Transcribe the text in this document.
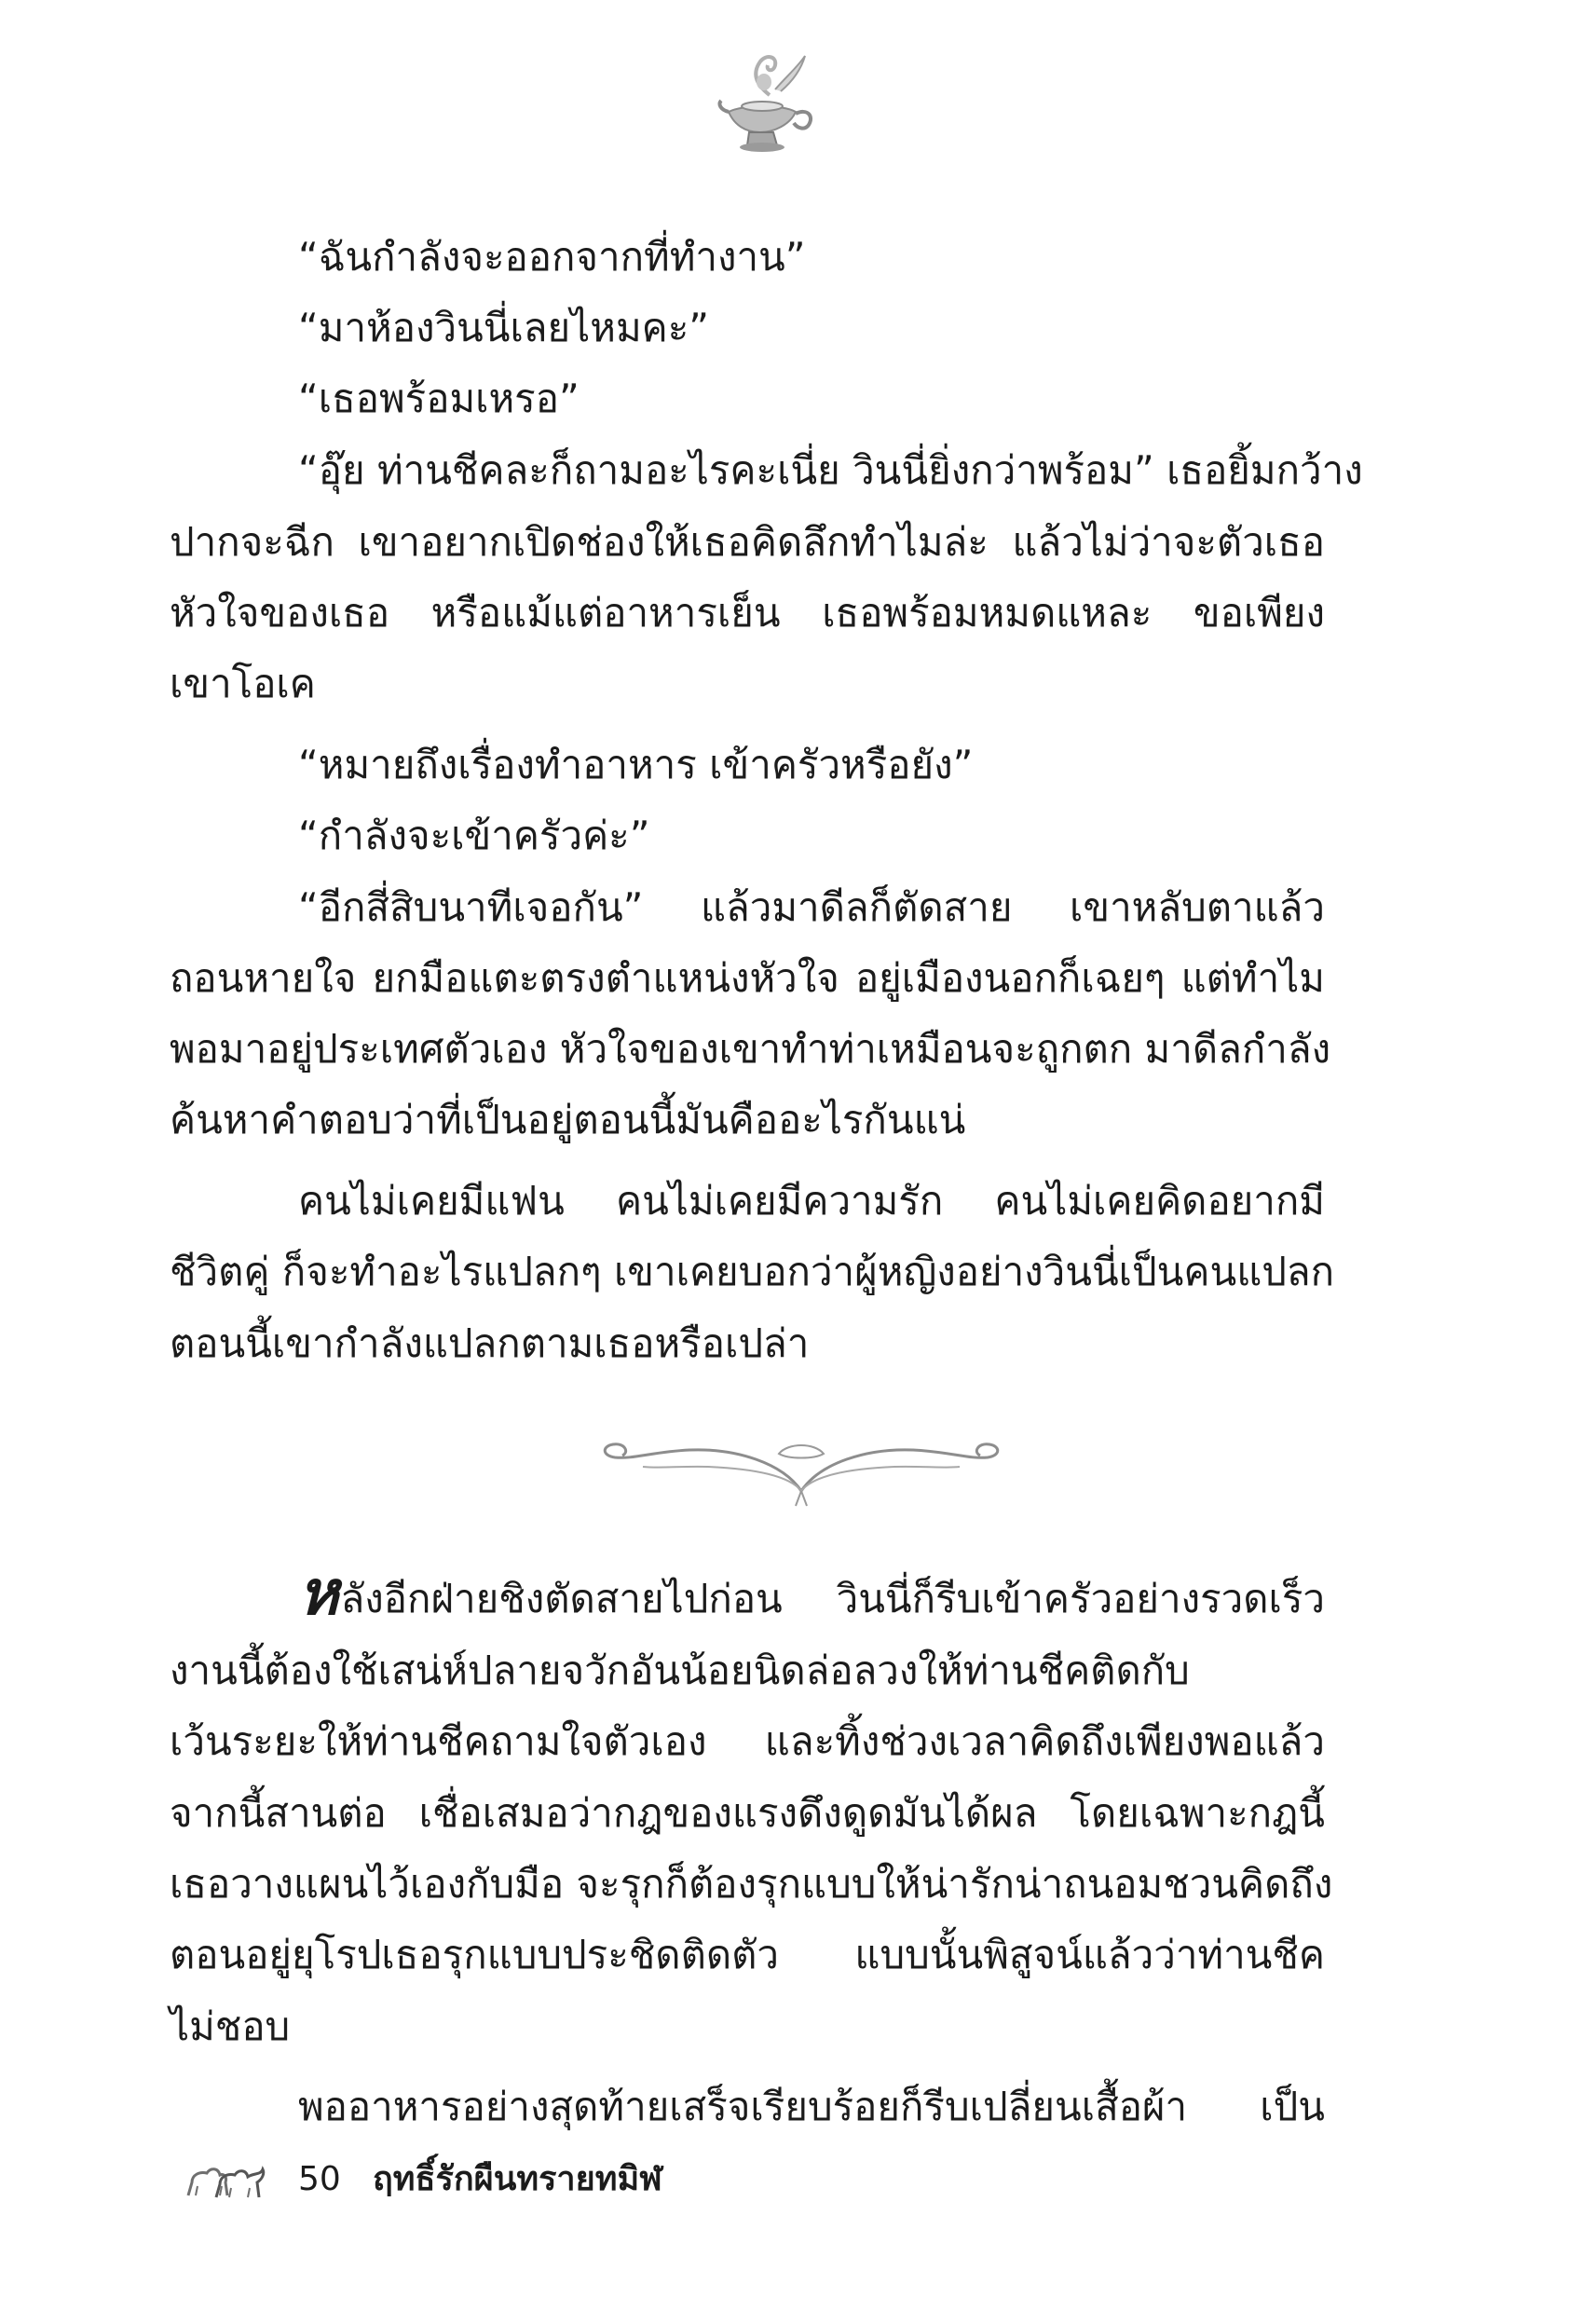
“ฉันกำลังจะออกจากที่ทำงาน”
“มาห้องวินนี่เลยไหมคะ”
“เธอพร้อมเหรอ”
“อุ๊ย ท่านชีคละก็ถามอะไรคะเนี่ย วินนี่ยิ่งกว่าพร้อม” เธอยิ้มกว้าง
ปากจะฉีก เขาอยากเปิดช่องให้เธอคิดลึกทำไมล่ะ แล้วไม่ว่าจะตัวเธอ
หัวใจของเธอ หรือแม้แต่อาหารเย็น เธอพร้อมหมดแหละ ขอเพียง
เขาโอเค
“หมายถึงเรื่องทำอาหาร เข้าครัวหรือยัง”
“กำลังจะเข้าครัวค่ะ”
“อีกสี่สิบนาทีเจอกัน” แล้วมาดีลก็ตัดสาย เขาหลับตาแล้ว
ถอนหายใจ ยกมือแตะตรงตำแหน่งหัวใจ อยู่เมืองนอกก็เฉยๆ แต่ทำไม
พอมาอยู่ประเทศตัวเอง หัวใจของเขาทำท่าเหมือนจะถูกตก มาดีลกำลัง
ค้นหาคำตอบว่าที่เป็นอยู่ตอนนี้มันคืออะไรกันแน่
คนไม่เคยมีแฟน คนไม่เคยมีความรัก คนไม่เคยคิดอยากมี
ชีวิตคู่ ก็จะทำอะไรแปลกๆ เขาเคยบอกว่าผู้หญิงอย่างวินนี่เป็นคนแปลก
ตอนนี้เขากำลังแปลกตามเธอหรือเปล่า
หลังอีกฝ่ายชิงตัดสายไปก่อน วินนี่ก็รีบเข้าครัวอย่างรวดเร็ว
งานนี้ต้องใช้เสน่ห์ปลายจวักอันน้อยนิดล่อลวงให้ท่านชีคติดกับ
เว้นระยะให้ท่านชีคถามใจตัวเอง และทิ้งช่วงเวลาคิดถึงเพียงพอแล้ว
จากนี้สานต่อ เชื่อเสมอว่ากฎของแรงดึงดูดมันได้ผล โดยเฉพาะกฎนี้
เธอวางแผนไว้เองกับมือ จะรุกก็ต้องรุกแบบให้น่ารักน่าถนอมชวนคิดถึง
ตอนอยู่ยุโรปเธอรุกแบบประชิดติดตัว แบบนั้นพิสูจน์แล้วว่าท่านชีค
ไม่ชอบ
พออาหารอย่างสุดท้ายเสร็จเรียบร้อยก็รีบเปลี่ยนเสื้อผ้า เป็น
50 ฤทธิ์รักผืนทรายทมิฬ
